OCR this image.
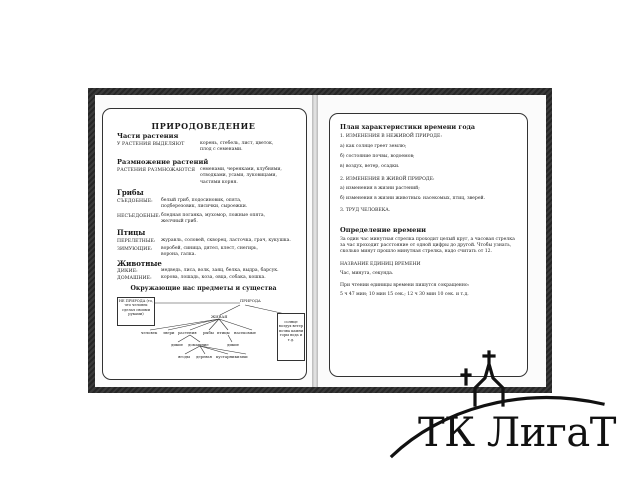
ПРИРОДОВЕДЕНИЕ
Части растения
У РАСТЕНИЯ ВЫДЕЛЯЮТ	корень, стебель, лист, цветок,
плод с семенами.
Размножение растений
РАСТЕНИЯ РАЗМНОЖАЮТСЯ семенами, черенками, клубнями,
отводками, усами, луковицами,
частями корня.
Грибы
СЪЕДОБНЫЕ: белый гриб, подосиновик, опята,
подберезовик, лисички, сыроежки.
НЕСЪЕДОБНЫЕ: бледная поганка, мухомор, ложные опята,
желчный гриб.
Птицы
ПЕРЕЛЕТНЫЕ: журавль, соловей, скворец, ласточка, грач, кукушка.
ЗИМУЮЩИЕ: воробей, синица, дятел, клест, снегирь,
ворона, галка.
Животные
ДИКИЕ:	медведь, лиса, волк, заяц, белка, выдра, барсук.
ДОМАШНИЕ: корова, лошадь, коза, овца, собака, кошка.
Окружающие нас предметы и существа
ПРИРОДА
НЕ ПРИРОДА (то, что человек сделал своими руками)	ЖИВАЯ
солнце воздух ветер почва камни горы вода и т.д.
человек звери растения рыбы птицы насекомые
дикие домашние	дикие
ягоды деревья кустарники мхи
План характеристики времени года
1. ИЗМЕНЕНИЯ В НЕЖИВОЙ ПРИРОДЕ:
а) как солнце греет землю;
б) состояние почвы, водоемов;
в) воздух, ветер, осадки.
2. ИЗМЕНЕНИЯ В ЖИВОЙ ПРИРОДЕ:
а) изменения в жизни растений;
б) изменения в жизни животных: насекомых, птиц, зверей.
3. ТРУД ЧЕЛОВЕКА.
Определение времени
За один час минутная стрелка проходит целый круг, а часовая стрелка за час проходит расстояние от одной цифры до другой. Чтобы узнать, сколько минут прошло минутная стрелка, надо считать от 12.
НАЗВАНИЕ ЕДИНИЦ ВРЕМЕНИ
Час, минута, секунда.
При чтении единицы времени пишутся сокращенно:
5 ч 47 мин; 10 мин 15 сек.; 12 ч 30 мин 10 сек. и т.д.
ТК ЛигаТ
